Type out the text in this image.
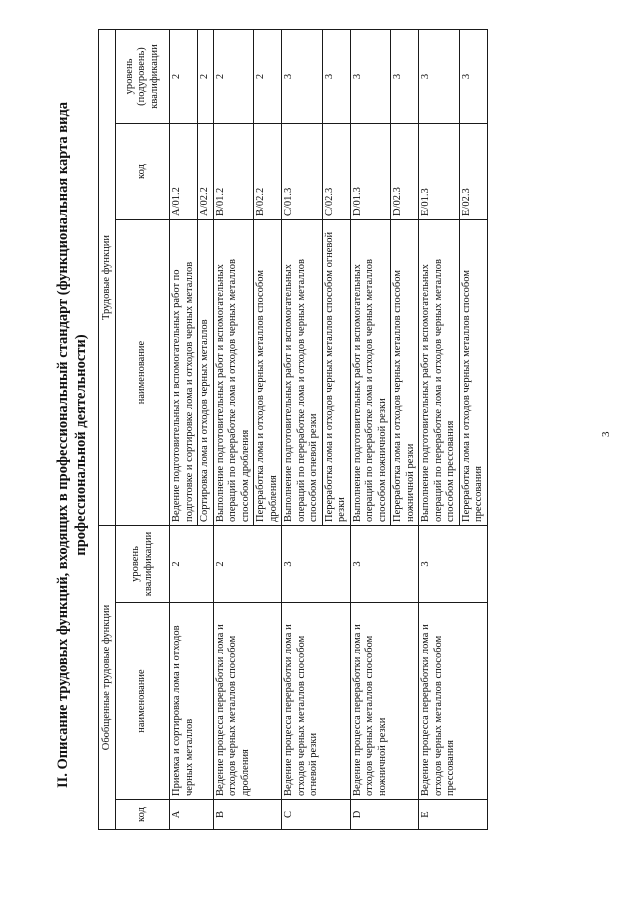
3
II. Описание трудовых функций, входящих в профессиональный стандарт (функциональная карта вида профессиональной деятельности)
Обобщенные трудовые функции			Трудовые функции		
код	наименование	уровень квалификации	наименование	код	уровень (подуровень) квалификации
A	Приемка и сортировка лома и отходов черных металлов	2	Ведение подготовительных и вспомогательных работ по подготовке и сортировке лома и отходов черных металлов	A/01.2	2
			Сортировка лома и отходов черных металлов	A/02.2	2
B	Ведение процесса переработки лома и отходов черных металлов способом дробления	2	Выполнение подготовительных работ и вспомогательных операций по переработке лома и отходов черных металлов способом дробления	B/01.2	2
			Переработка лома и отходов черных металлов способом дробления	B/02.2	2
C	Ведение процесса переработки лома и отходов черных металлов способом огневой резки	3	Выполнение подготовительных работ и вспомогательных операций по переработке лома и отходов черных металлов способом огневой резки	C/01.3	3
			Переработка лома и отходов черных металлов способом огневой резки	C/02.3	3
D	Ведение процесса переработки лома и отходов черных металлов способом ножничной резки	3	Выполнение подготовительных работ и вспомогательных операций по переработке лома и отходов черных металлов способом ножничной резки	D/01.3	3
			Переработка лома и отходов черных металлов способом ножничной резки	D/02.3	3
E	Ведение процесса переработки лома и отходов черных металлов способом прессования	3	Выполнение подготовительных работ и вспомогательных операций по переработке лома и отходов черных металлов способом прессования	E/01.3	3
			Переработка лома и отходов черных металлов способом прессования	E/02.3	3
